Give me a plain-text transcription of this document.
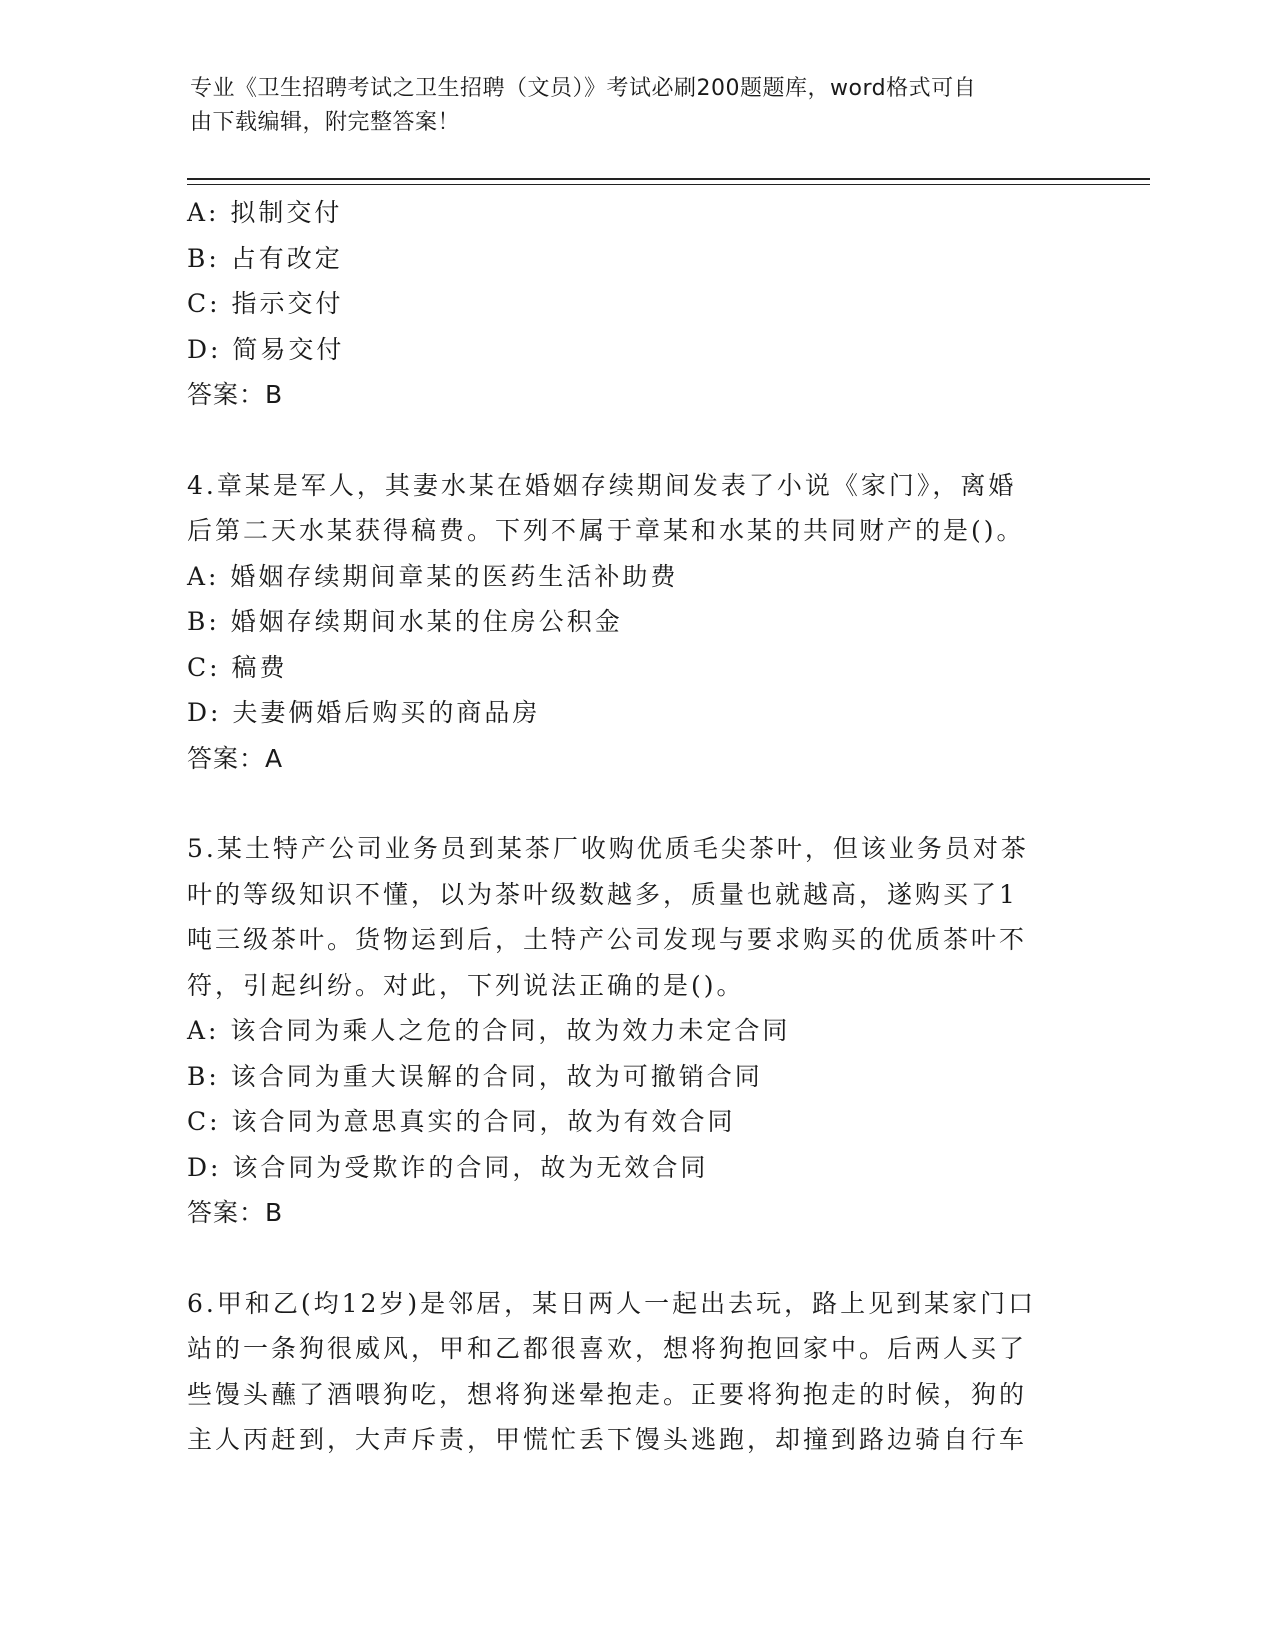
专业《卫生招聘考试之卫生招聘（文员）》考试必刷200题题库，word格式可自
由下载编辑，附完整答案！
A: 拟制交付
B: 占有改定
C: 指示交付
D: 简易交付
答案：B
4.章某是军人，其妻水某在婚姻存续期间发表了小说《家门》，离婚
后第二天水某获得稿费。下列不属于章某和水某的共同财产的是()。
A: 婚姻存续期间章某的医药生活补助费
B: 婚姻存续期间水某的住房公积金
C: 稿费
D: 夫妻俩婚后购买的商品房
答案：A
5.某土特产公司业务员到某茶厂收购优质毛尖茶叶，但该业务员对茶
叶的等级知识不懂，以为茶叶级数越多，质量也就越高，遂购买了1
吨三级茶叶。货物运到后，土特产公司发现与要求购买的优质茶叶不
符，引起纠纷。对此，下列说法正确的是()。
A: 该合同为乘人之危的合同，故为效力未定合同
B: 该合同为重大误解的合同，故为可撤销合同
C: 该合同为意思真实的合同，故为有效合同
D: 该合同为受欺诈的合同，故为无效合同
答案：B
6.甲和乙(均12岁)是邻居，某日两人一起出去玩，路上见到某家门口
站的一条狗很威风，甲和乙都很喜欢，想将狗抱回家中。后两人买了
些馒头蘸了酒喂狗吃，想将狗迷晕抱走。正要将狗抱走的时候，狗的
主人丙赶到，大声斥责，甲慌忙丢下馒头逃跑，却撞到路边骑自行车
